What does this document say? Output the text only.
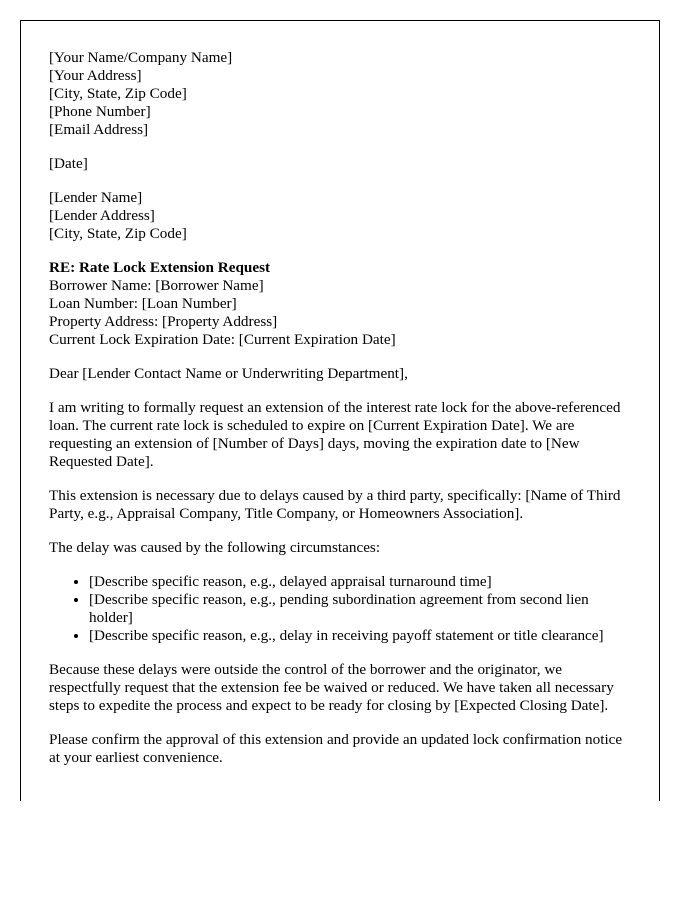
[Your Name/Company Name]
[Your Address]
[City, State, Zip Code]
[Phone Number]
[Email Address]
[Date]
[Lender Name]
[Lender Address]
[City, State, Zip Code]
RE: Rate Lock Extension Request
Borrower Name: [Borrower Name]
Loan Number: [Loan Number]
Property Address: [Property Address]
Current Lock Expiration Date: [Current Expiration Date]

Dear [Lender Contact Name or Underwriting Department],

I am writing to formally request an extension of the interest rate lock for the above-referenced loan. The current rate lock is scheduled to expire on [Current Expiration Date]. We are requesting an extension of [Number of Days] days, moving the expiration date to [New Requested Date].

This extension is necessary due to delays caused by a third party, specifically: [Name of Third Party, e.g., Appraisal Company, Title Company, or Homeowners Association].

The delay was caused by the following circumstances:

• [Describe specific reason, e.g., delayed appraisal turnaround time]
• [Describe specific reason, e.g., pending subordination agreement from second lien holder]
• [Describe specific reason, e.g., delay in receiving payoff statement or title clearance]

Because these delays were outside the control of the borrower and the originator, we respectfully request that the extension fee be waived or reduced. We have taken all necessary steps to expedite the process and expect to be ready for closing by [Expected Closing Date].

Please confirm the approval of this extension and provide an updated lock confirmation notice at your earliest convenience.
